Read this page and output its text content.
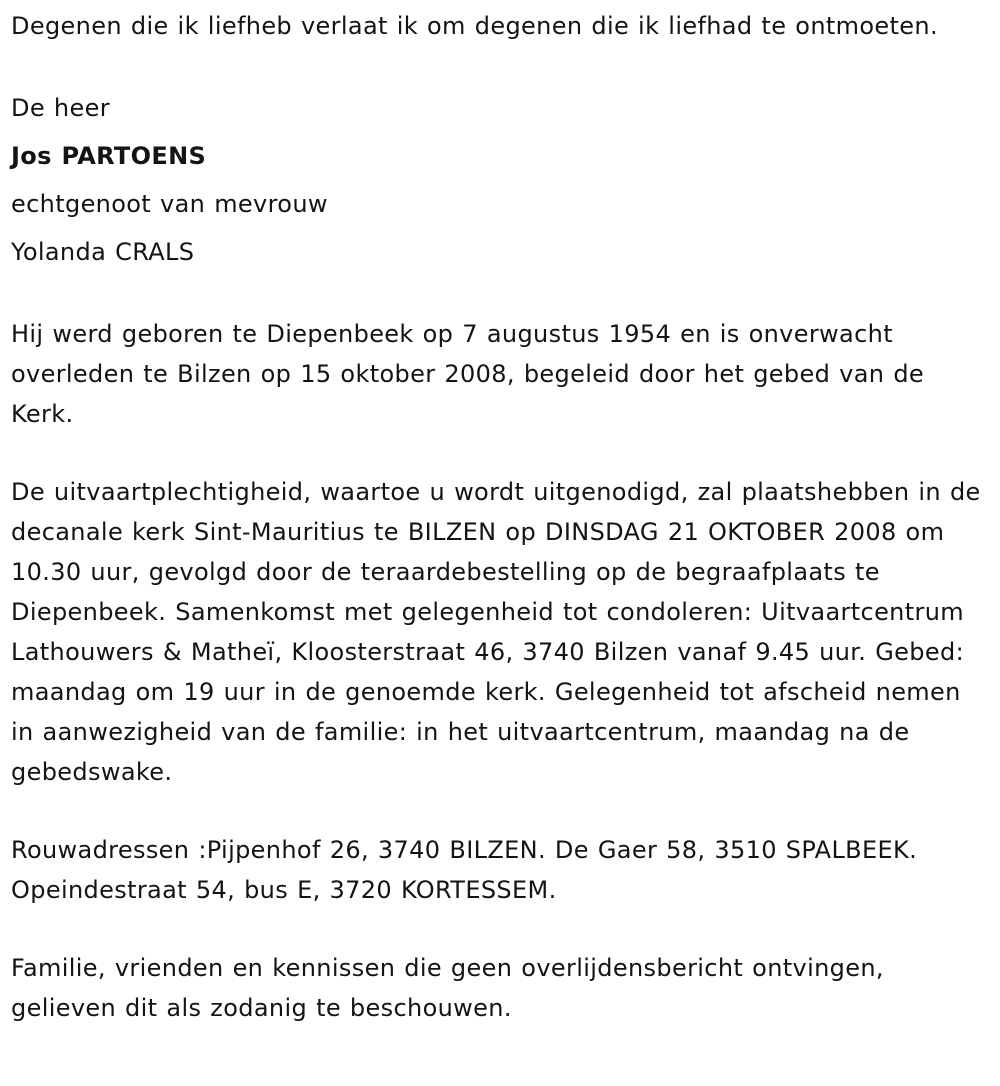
Degenen die ik liefheb verlaat ik om degenen die ik liefhad te ontmoeten.

De heer

Jos PARTOENS

echtgenoot van mevrouw

Yolanda CRALS

Hij werd geboren te Diepenbeek op 7 augustus 1954 en is onverwacht overleden te Bilzen op 15 oktober 2008, begeleid door het gebed van de Kerk.

De uitvaartplechtigheid, waartoe u wordt uitgenodigd, zal plaatshebben in de decanale kerk Sint-Mauritius te BILZEN op DINSDAG 21 OKTOBER 2008 om 10.30 uur, gevolgd door de teraardebestelling op de begraafplaats te Diepenbeek. Samenkomst met gelegenheid tot condoleren: Uitvaartcentrum Lathouwers & Matheï, Kloosterstraat 46, 3740 Bilzen vanaf 9.45 uur. Gebed: maandag om 19 uur in de genoemde kerk. Gelegenheid tot afscheid nemen in aanwezigheid van de familie: in het uitvaartcentrum, maandag na de gebedswake.

Rouwadressen :Pijpenhof 26, 3740 BILZEN. De Gaer 58, 3510 SPALBEEK. Opeindestraat 54, bus E, 3720 KORTESSEM.

Familie, vrienden en kennissen die geen overlijdensbericht ontvingen, gelieven dit als zodanig te beschouwen.
